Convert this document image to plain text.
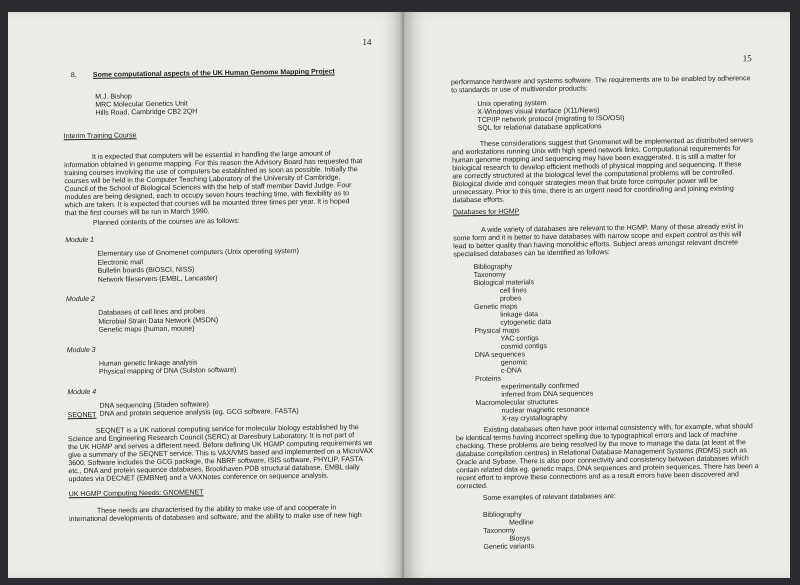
14
8. Some computational aspects of the UK Human Genome Mapping Project
M.J. Bishop
MRC Molecular Genetics Unit
Hills Road, Cambridge CB2 2QH
Interim Training Course
It is expected that computers will be essential in handling the large amount of
information obtained in genome mapping. For this reason the Advisory Board has requested that
training courses involving the use of computers be established as soon as possible. Initially the
courses will be held in the Computer Teaching Laboratory of the University of Cambridge,
Council of the School of Biological Sciences with the help of staff member David Judge. Four
modules are being designed, each to occupy seven hours teaching time, with flexibility as to
which are taken. It is expected that courses will be mounted three times per year. It is hoped
that the first courses will be run in March 1990.
Planned contents of the courses are as follows:
Module 1
Elementary use of Gnomenet computers (Unix operating system)
Electronic mail
Bulletin boards (BIOSCI, NISS)
Network fileservers (EMBL, Lancaster)
Module 2
Databases of cell lines and probes
Microbial Strain Data Network (MSDN)
Genetic maps (human, mouse)
Module 3
Human genetic linkage analysis
Physical mapping of DNA (Sulston software)
Module 4
DNA sequencing (Staden software)
DNA and protein sequence analysis (eg. GCG software, FASTA)
SEQNET
SEQNET is a UK national computing service for molecular biology established by the
Science and Engineering Research Council (SERC) at Daresbury Laboratory. It is not part of
the UK HGMP and serves a different need. Before defining UK HGMP computing requirements we
give a summary of the SEQNET service. This is VAX/VMS based and implemented on a MicroVAX
3600. Software includes the GCG package, the NBRF software, ISIS software, PHYLIP, FASTA
etc., DNA and protein sequence databases, Brookhaven PDB structural database, EMBL daily
updates via DECNET (EMBNet) and a VAXNotes conference on sequence analysis.
UK HGMP Computing Needs: GNOMENET
These needs are characterised by the ability to make use of and cooperate in
international developments of databases and software, and the ability to make use of new high
15
performance hardware and systems software. The requirements are to be enabled by adherence
to standards or use of multivendor products:
Unix operating system
X-Windows visual interface (X11/News)
TCP/IP network protocol (migrating to ISO/OSI)
SQL for relational database applications
These considerations suggest that Gnomenet will be implemented as distributed servers
and workstations running Unix with high speed network links. Computational requirements for
human genome mapping and sequencing may have been exaggerated. It is still a matter for
biological research to develop efficient methods of physical mapping and sequencing. If these
are correctly structured at the biological level the computational problems will be controlled.
Biological divide and conquer strategies mean that brute force computer power will be
unnecessary. Prior to this time, there is an urgent need for coordinating and joining existing
database efforts.
Databases for HGMP
A wide variety of databases are relevant to the HGMP. Many of these already exist in
some form and it is better to have databases with narrow scope and expert control as this will
lead to better quality than having monolithic efforts. Subject areas amongst relevant discrete
specialised databases can be identified as follows:
Bibliography
Taxonomy
Biological materials
cell lines
probes
Genetic maps
linkage data
cytogenetic data
Physical maps
YAC contigs
cosmid contigs
DNA sequences
genomic
c-DNA
Proteins
experimentally confirmed
inferred from DNA sequences
Macromolecular structures
nuclear magnetic resonance
X-ray crystallography
Existing databases often have poor internal consistency with, for example, what should
be identical terms having incorrect spelling due to typographical errors and lack of machine
checking. These problems are being resolved by the move to manage the data (at least at the
database compilation centres) in Relational Database Management Systems (RDMS) such as
Oracle and Sybase. There is also poor connectivity and consistency between databases which
contain related data eg. genetic maps, DNA sequences and protein sequences. There has been a
recent effort to improve these connections and as a result errors have been discovered and
corrected.
Some examples of relevant databases are:
Bibliography
Medline
Taxonomy
Biosys
Genetic variants
